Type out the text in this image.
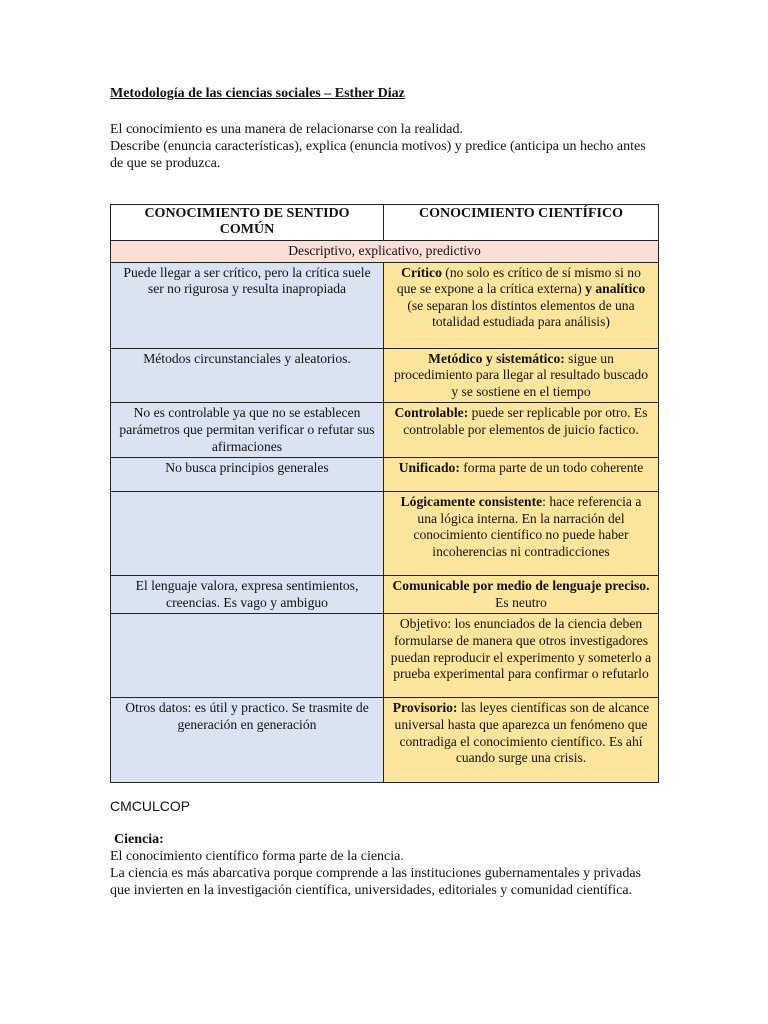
Metodología de las ciencias sociales – Esther Diaz

El conocimiento es una manera de relacionarse con la realidad.

Describe (enuncia características), explica (enuncia motivos) y predice (anticipa un hecho antes de que se produzca.

CONOCIMIENTO DE SENTIDO COMÚN	CONOCIMIENTO CIENTÍFICO
Descriptivo, explicativo, predictivo	
Puede llegar a ser crítico, pero la crítica suele ser no rigurosa y resulta inapropiada	Crítico (no solo es crítico de sí mismo si no que se expone a la crítica externa) y analítico (se separan los distintos elementos de una totalidad estudiada para análisis)
Métodos circunstanciales y aleatorios.	Metódico y sistemático: sigue un procedimiento para llegar al resultado buscado y se sostiene en el tiempo
No es controlable ya que no se establecen parámetros que permitan verificar o refutar sus afirmaciones	Controlable: puede ser replicable por otro. Es controlable por elementos de juicio factico.
No busca principios generales	Unificado: forma parte de un todo coherente
	Lógicamente consistente: hace referencia a una lógica interna. En la narración del conocimiento científico no puede haber incoherencias ni contradicciones
El lenguaje valora, expresa sentimientos, creencias. Es vago y ambiguo	Comunicable por medio de lenguaje preciso. Es neutro
	Objetivo: los enunciados de la ciencia deben formularse de manera que otros investigadores puedan reproducir el experimento y someterlo a prueba experimental para confirmar o refutarlo
Otros datos: es útil y practico. Se trasmite de generación en generación	Provisorio: las leyes científicas son de alcance universal hasta que aparezca un fenómeno que contradiga el conocimiento científico. Es ahí cuando surge una crisis.
CMCULCOP

Ciencia:

El conocimiento científico forma parte de la ciencia.

La ciencia es más abarcativa porque comprende a las instituciones gubernamentales y privadas que invierten en la investigación científica, universidades, editoriales y comunidad científica.
